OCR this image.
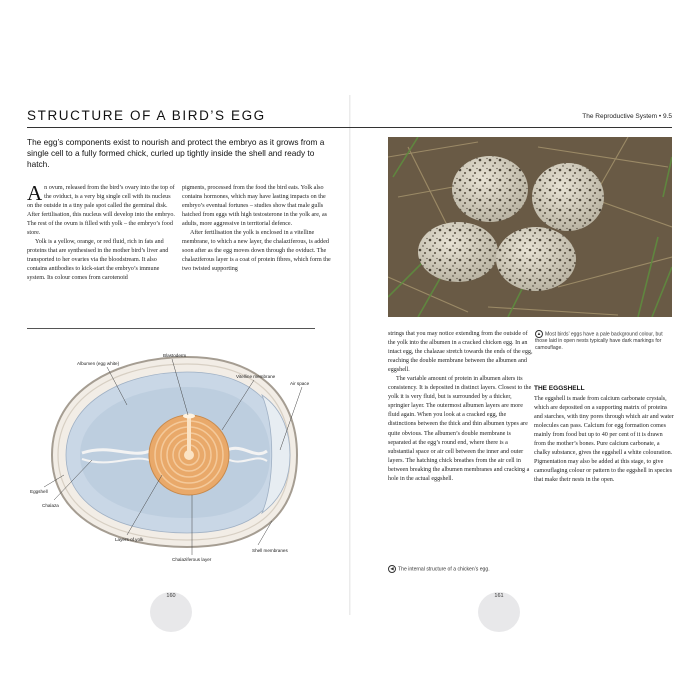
STRUCTURE OF A BIRD’S EGG	The Reproductive System • 9.5
The egg’s components exist to nourish and protect the embryo as it grows from a single cell to a fully formed chick, curled up tightly inside the shell and ready to hatch.

An ovum, released from the bird’s ovary into the top of the oviduct, is a very big single cell with its nucleus on the outside in a tiny pale spot called the germinal disk. After fertilisation, this nucleus will develop into the embryo. The rest of the ovum is filled with yolk – the embryo’s food store.

Yolk is a yellow, orange, or red fluid, rich in fats and proteins that are synthesised in the mother bird’s liver and transported to her ovaries via the bloodstream. It also contains antibodies to kick-start the embryo’s immune system. Its colour comes from carotenoid

pigments, processed from the food the bird eats. Yolk also contains hormones, which may have lasting impacts on the embryo’s eventual fortunes – studies show that male gulls hatched from eggs with high testosterone in the yolk are, as adults, more aggressive in territorial defence.

After fertilisation the yolk is enclosed in a vitelline membrane, to which a new layer, the chalaziferous, is added soon after as the egg moves down through the oviduct. The chalaziferous layer is a coat of protein fibres, which form the two twisted supporting

▲ Most birds’ eggs have a pale background colour, but those laid in open nests typically have dark markings for camouflage.
Albumen (egg white)
Blastoderm
Vitelline membrane
Air space
Eggshell
Chalaza
Layers of yolk
Chalaziferous layer
Shell membranes

strings that you may notice extending from the outside of the yolk into the albumen in a cracked chicken egg. In an intact egg, the chalazae stretch towards the ends of the egg, reaching the double membrane between the albumen and eggshell.

The variable amount of protein in albumen alters its consistency. It is deposited in distinct layers. Closest to the yolk it is very fluid, but is surrounded by a thicker, springier layer. The outermost albumen layers are more fluid again. When you look at a cracked egg, the distinctions between the thick and thin albumen types are quite obvious. The albumen’s double membrane is separated at the egg’s round end, where there is a substantial space or air cell between the inner and outer layers. The hatching chick breathes from the air cell in between breaking the albumen membranes and cracking a hole in the actual eggshell.

◀ The internal structure of a chicken’s egg.
THE EGGSHELL

The eggshell is made from calcium carbonate crystals, which are deposited on a supporting matrix of proteins and starches, with tiny pores through which air and water molecules can pass. Calcium for egg formation comes mainly from food but up to 40 per cent of it is drawn from the mother’s bones. Pure calcium carbonate, a chalky substance, gives the eggshell a white colouration. Pigmentation may also be added at this stage, to give camouflaging colour or pattern to the eggshell in species that make their nests in the open.

160	161
